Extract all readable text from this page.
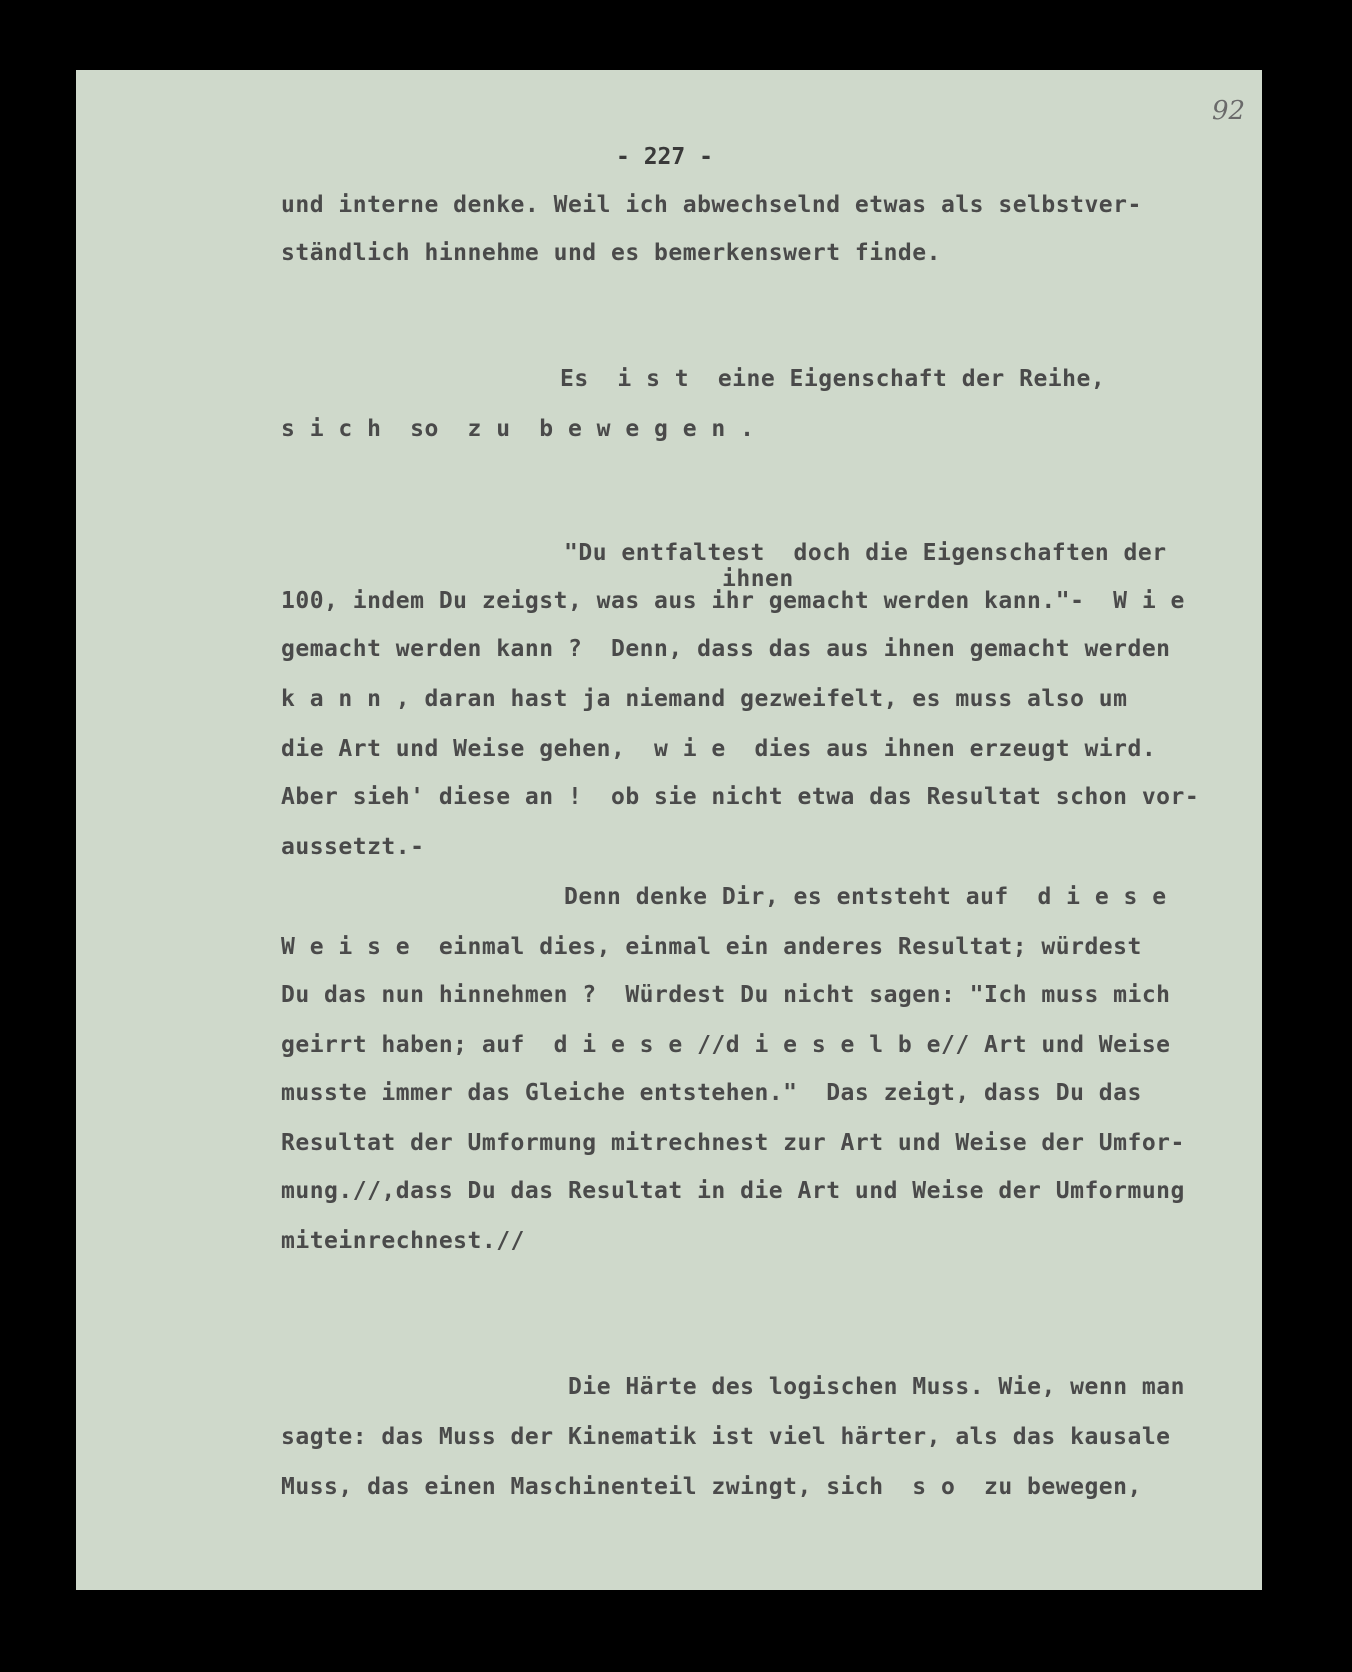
92
- 227 -
und interne denke. Weil ich abwechselnd etwas als selbstver-
ständlich hinnehme und es bemerkenswert finde.
Es  i s t  eine Eigenschaft der Reihe,
s i c h  so  z u  b e w e g e n .
"Du entfaltest  doch die Eigenschaften der
ihnen
100, indem Du zeigst, was aus ihr gemacht werden kann."-  W i e
gemacht werden kann ?  Denn, dass das aus ihnen gemacht werden
k a n n , daran hast ja niemand gezweifelt, es muss also um
die Art und Weise gehen,  w i e  dies aus ihnen erzeugt wird.
Aber sieh' diese an !  ob sie nicht etwa das Resultat schon vor-
aussetzt.-
Denn denke Dir, es entsteht auf  d i e s e
W e i s e  einmal dies, einmal ein anderes Resultat; würdest
Du das nun hinnehmen ?  Würdest Du nicht sagen: "Ich muss mich
geirrt haben; auf  d i e s e //d i e s e l b e// Art und Weise
musste immer das Gleiche entstehen."  Das zeigt, dass Du das
Resultat der Umformung mitrechnest zur Art und Weise der Umfor-
mung.//,dass Du das Resultat in die Art und Weise der Umformung
miteinrechnest.//
Die Härte des logischen Muss. Wie, wenn man
sagte: das Muss der Kinematik ist viel härter, als das kausale
Muss, das einen Maschinenteil zwingt, sich  s o  zu bewegen,
